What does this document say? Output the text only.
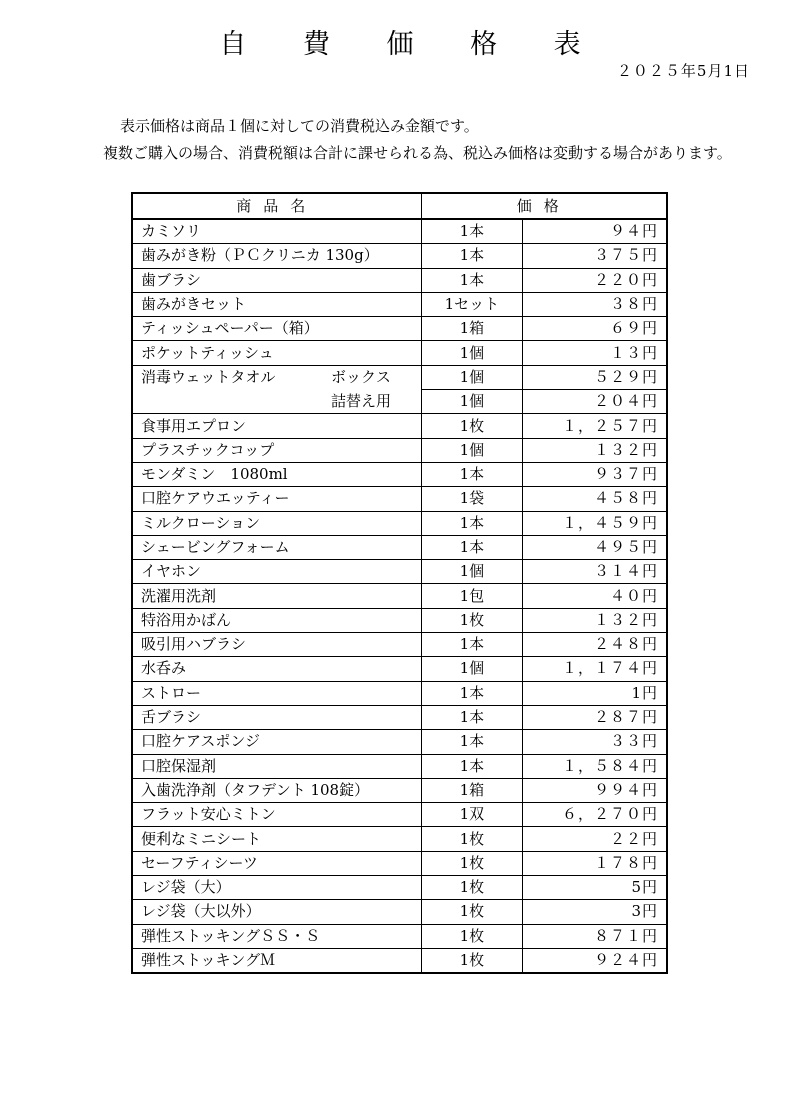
自 費 価 格 表
２０２５年5月1日
表示価格は商品１個に対しての消費税込み金額です。
複数ご購入の場合、消費税額は合計に課せられる為、税込み価格は変動する場合があります。
商品名	価格	
カミソリ	1本	９４円
歯みがき粉（ＰＣクリニカ 130g）	1本	３７５円
歯ブラシ	1本	２２０円
歯みがきセット	1セット	３８円
ティッシュペーパー（箱）	1箱	６９円
ポケットティッシュ	1個	１３円
消毒ウェットタオル ボックス	1個	５２９円
詰替え用	1個	２０４円
食事用エプロン	1枚	１，２５７円
プラスチックコップ	1個	１３２円
モンダミン　1080ml	1本	９３７円
口腔ケアウエッティー	1袋	４５８円
ミルクローション	1本	１，４５９円
シェービングフォーム	1本	４９５円
イヤホン	1個	３１４円
洗濯用洗剤	1包	４０円
特浴用かばん	1枚	１３２円
吸引用ハブラシ	1本	２４８円
水呑み	1個	１，１７４円
ストロー	1本	1円
舌ブラシ	1本	２８７円
口腔ケアスポンジ	1本	３３円
口腔保湿剤	1本	１，５８４円
入歯洗浄剤（タフデント 108錠）	1箱	９９４円
フラット安心ミトン	1双	６，２７０円
便利なミニシート	1枚	２２円
セーフティシーツ	1枚	１７８円
レジ袋（大）	1枚	5円
レジ袋（大以外）	1枚	3円
弾性ストッキングＳＳ・Ｓ	1枚	８７１円
弾性ストッキングＭ	1枚	９２４円
